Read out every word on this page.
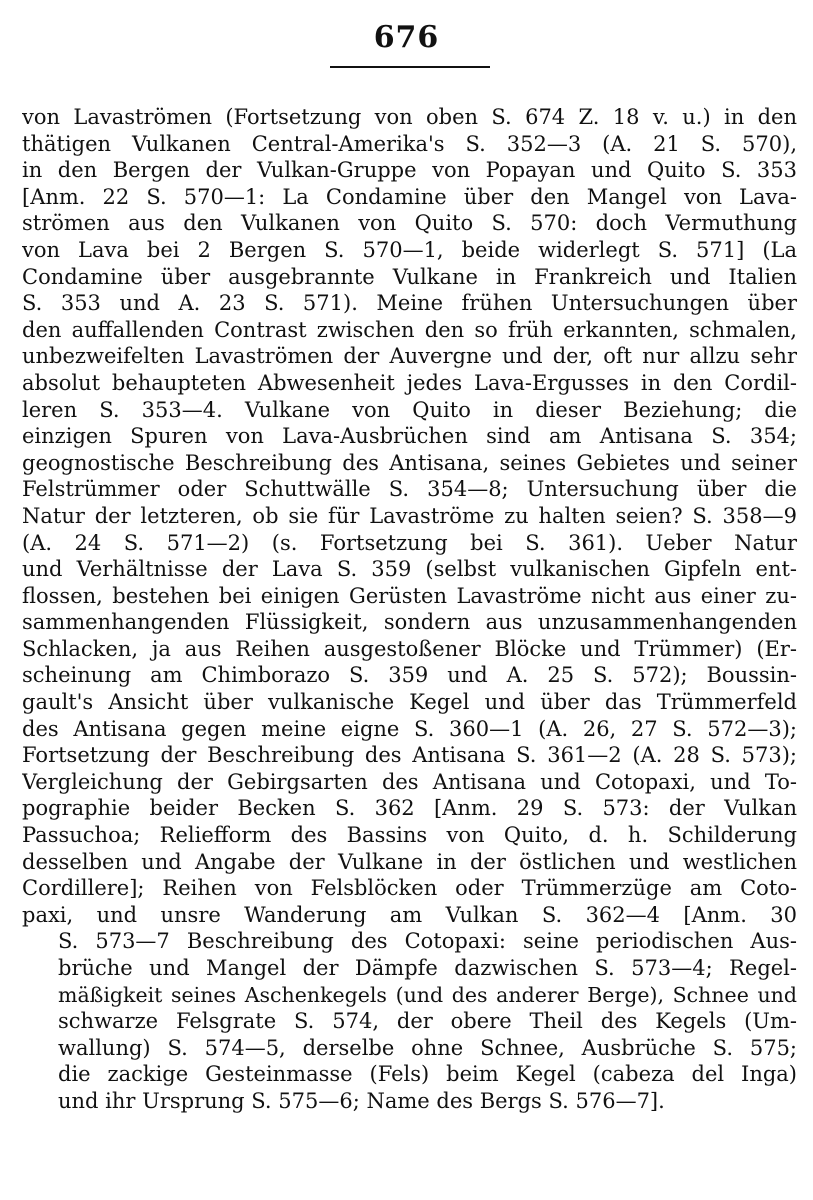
676
von Lavaströmen (Fortsetzung von oben S. 674 Z. 18 v. u.) in den
thätigen Vulkanen Central-Amerika's S. 352—3 (A. 21 S. 570),
in den Bergen der Vulkan-Gruppe von Popayan und Quito S. 353
[Anm. 22 S. 570—1: La Condamine über den Mangel von Lava-
strömen aus den Vulkanen von Quito S. 570: doch Vermuthung
von Lava bei 2 Bergen S. 570—1, beide widerlegt S. 571] (La
Condamine über ausgebrannte Vulkane in Frankreich und Italien
S. 353 und A. 23 S. 571). Meine frühen Untersuchungen über
den auffallenden Contrast zwischen den so früh erkannten, schmalen,
unbezweifelten Lavaströmen der Auvergne und der, oft nur allzu sehr
absolut behaupteten Abwesenheit jedes Lava-Ergusses in den Cordil-
leren S. 353—4. Vulkane von Quito in dieser Beziehung; die
einzigen Spuren von Lava-Ausbrüchen sind am Antisana S. 354;
geognostische Beschreibung des Antisana, seines Gebietes und seiner
Felstrümmer oder Schuttwälle S. 354—8; Untersuchung über die
Natur der letzteren, ob sie für Lavaströme zu halten seien? S. 358—9
(A. 24 S. 571—2) (s. Fortsetzung bei S. 361). Ueber Natur
und Verhältnisse der Lava S. 359 (selbst vulkanischen Gipfeln ent-
flossen, bestehen bei einigen Gerüsten Lavaströme nicht aus einer zu-
sammenhangenden Flüssigkeit, sondern aus unzusammenhangenden
Schlacken, ja aus Reihen ausgestoßener Blöcke und Trümmer) (Er-
scheinung am Chimborazo S. 359 und A. 25 S. 572); Boussin-
gault's Ansicht über vulkanische Kegel und über das Trümmerfeld
des Antisana gegen meine eigne S. 360—1 (A. 26, 27 S. 572—3);
Fortsetzung der Beschreibung des Antisana S. 361—2 (A. 28 S. 573);
Vergleichung der Gebirgsarten des Antisana und Cotopaxi, und To-
pographie beider Becken S. 362 [Anm. 29 S. 573: der Vulkan
Passuchoa; Reliefform des Bassins von Quito, d. h. Schilderung
desselben und Angabe der Vulkane in der östlichen und westlichen
Cordillere]; Reihen von Felsblöcken oder Trümmerzüge am Coto-
paxi, und unsre Wanderung am Vulkan S. 362—4 [Anm. 30
S. 573—7 Beschreibung des Cotopaxi: seine periodischen Aus-
brüche und Mangel der Dämpfe dazwischen S. 573—4; Regel-
mäßigkeit seines Aschenkegels (und des anderer Berge), Schnee und
schwarze Felsgrate S. 574, der obere Theil des Kegels (Um-
wallung) S. 574—5, derselbe ohne Schnee, Ausbrüche S. 575;
die zackige Gesteinmasse (Fels) beim Kegel (cabeza del Inga)
und ihr Ursprung S. 575—6; Name des Bergs S. 576—7].
